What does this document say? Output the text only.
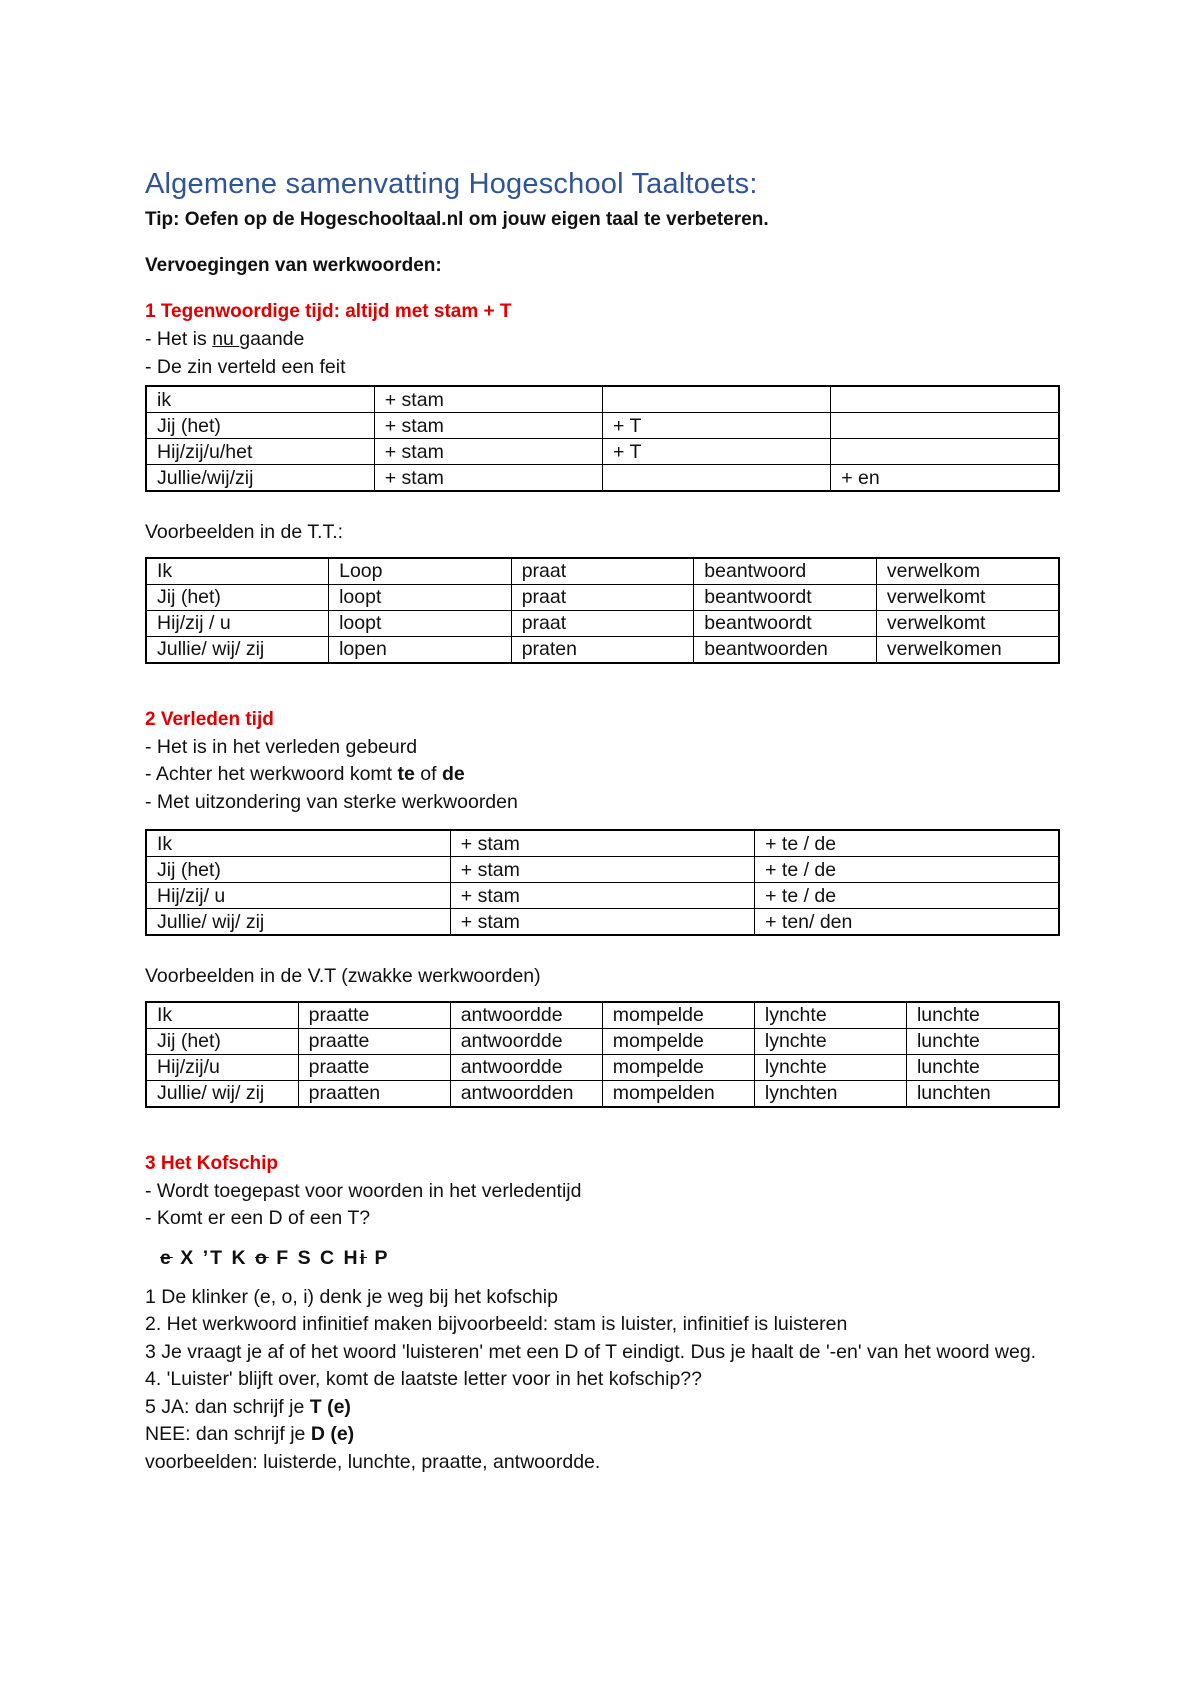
Algemene samenvatting Hogeschool Taaltoets:

Tip: Oefen op de Hogeschooltaal.nl om jouw eigen taal te verbeteren.

Vervoegingen van werkwoorden:

1 Tegenwoordige tijd: altijd met stam + T

- Het is nu gaande

- De zin verteld een feit

ik	+ stam		
Jij (het)	+ stam	+ T	
Hij/zij/u/het	+ stam	+ T	
Jullie/wij/zij	+ stam		+ en

Voorbeelden in de T.T.:

Ik	Loop	praat	beantwoord	verwelkom
Jij (het)	loopt	praat	beantwoordt	verwelkomt
Hij/zij / u	loopt	praat	beantwoordt	verwelkomt
Jullie/ wij/ zij	lopen	praten	beantwoorden	verwelkomen

2 Verleden tijd

- Het is in het verleden gebeurd

- Achter het werkwoord komt te of de

- Met uitzondering van sterke werkwoorden

Ik	+ stam	+ te / de
Jij (het)	+ stam	+ te / de
Hij/zij/ u	+ stam	+ te / de
Jullie/ wij/ zij	+ stam	+ ten/ den

Voorbeelden in de V.T (zwakke werkwoorden)

Ik	praatte	antwoordde	mompelde	lynchte	lunchte
Jij (het)	praatte	antwoordde	mompelde	lynchte	lunchte
Hij/zij/u	praatte	antwoordde	mompelde	lynchte	lunchte
Jullie/ wij/ zij	praatten	antwoordden	mompelden	lynchten	lunchten

3 Het Kofschip

- Wordt toegepast voor woorden in het verledentijd

- Komt er een D of een T?

e X ’T K o F S C Hi P

1 De klinker (e, o, i) denk je weg bij het kofschip

2. Het werkwoord infinitief maken bijvoorbeeld: stam is luister, infinitief is luisteren

3 Je vraagt je af of het woord 'luisteren' met een D of T eindigt. Dus je haalt de '-en' van het woord weg.

4. 'Luister' blijft over, komt de laatste letter voor in het kofschip??

5 JA: dan schrijf je T (e)

NEE: dan schrijf je D (e)

voorbeelden: luisterde, lunchte, praatte, antwoordde.
